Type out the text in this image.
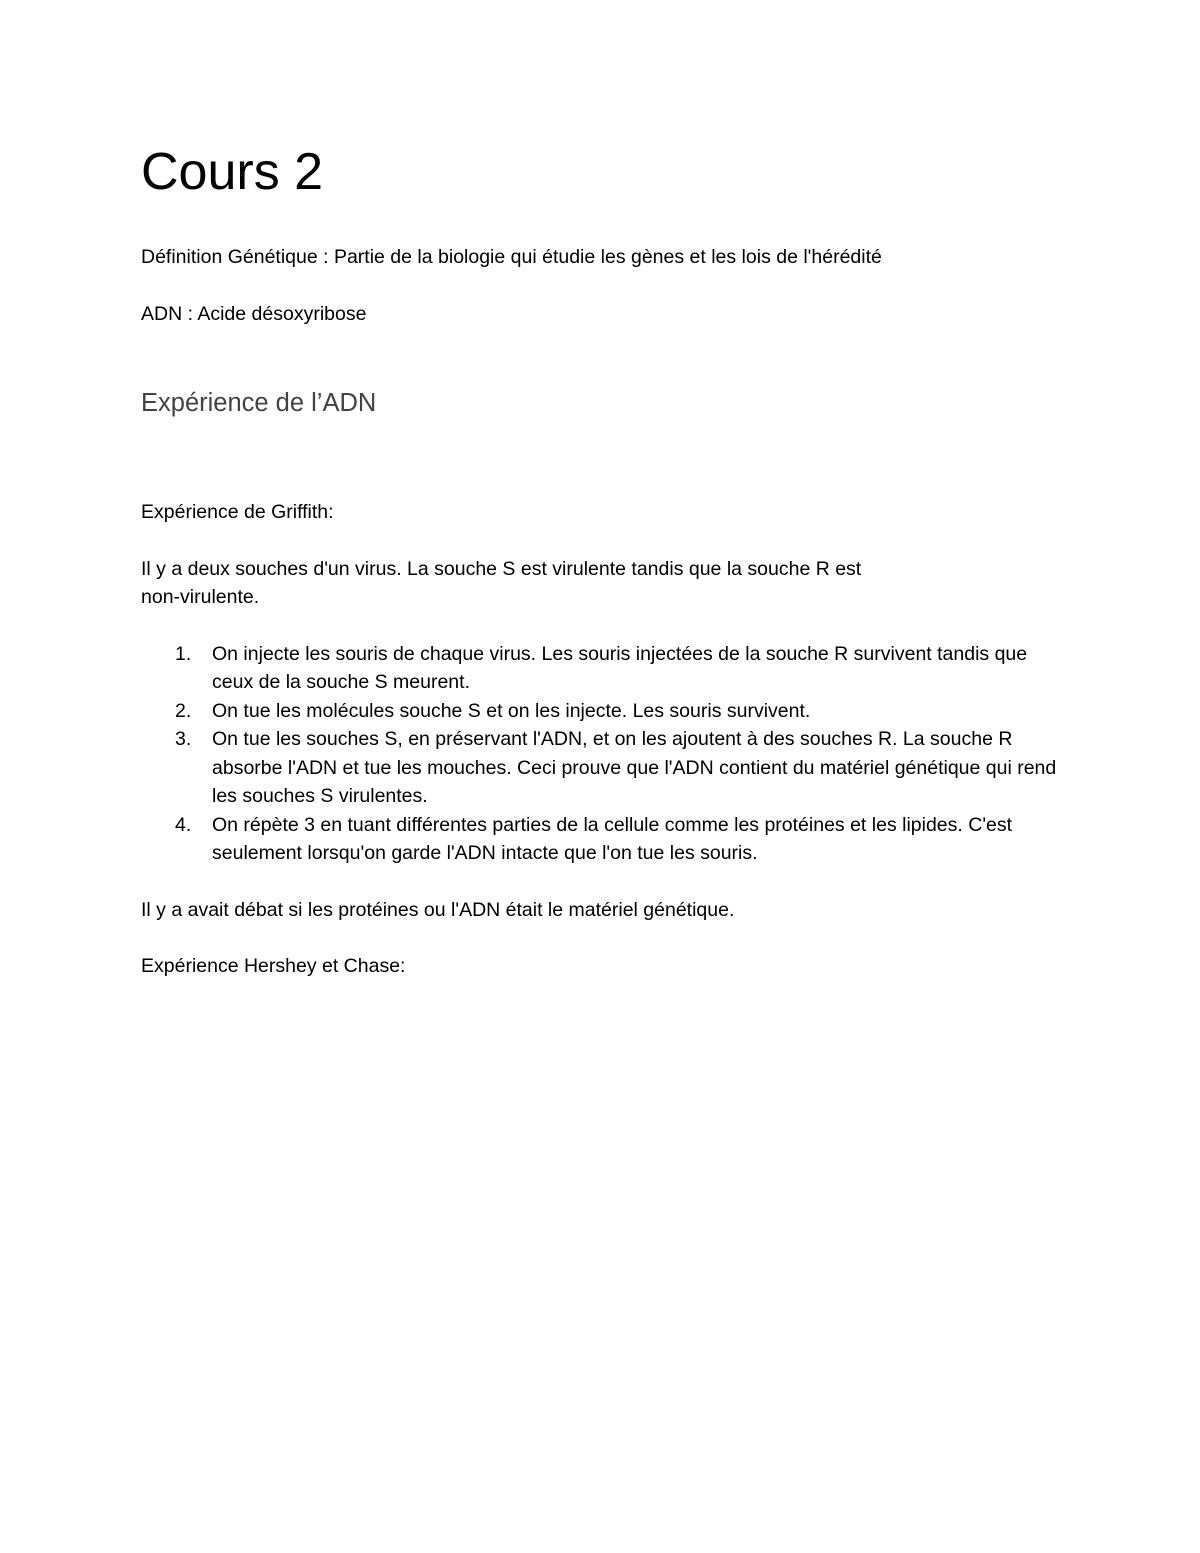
Cours 2

Définition Génétique : Partie de la biologie qui étudie les gènes et les lois de l'hérédité

ADN : Acide désoxyribose

Expérience de l’ADN

Expérience de Griffith:

Il y a deux souches d'un virus. La souche S est virulente tandis que la souche R est
non-virulente.

1. On injecte les souris de chaque virus. Les souris injectées de la souche R survivent tandis que ceux de la souche S meurent.
2. On tue les molécules souche S et on les injecte. Les souris survivent.
3. On tue les souches S, en préservant l'ADN, et on les ajoutent à des souches R. La souche R absorbe l'ADN et tue les mouches. Ceci prouve que l'ADN contient du matériel génétique qui rend les souches S virulentes.
4. On répète 3 en tuant différentes parties de la cellule comme les protéines et les lipides. C'est seulement lorsqu'on garde l'ADN intacte que l'on tue les souris.

Il y a avait débat si les protéines ou l'ADN était le matériel génétique.

Expérience Hershey et Chase:
